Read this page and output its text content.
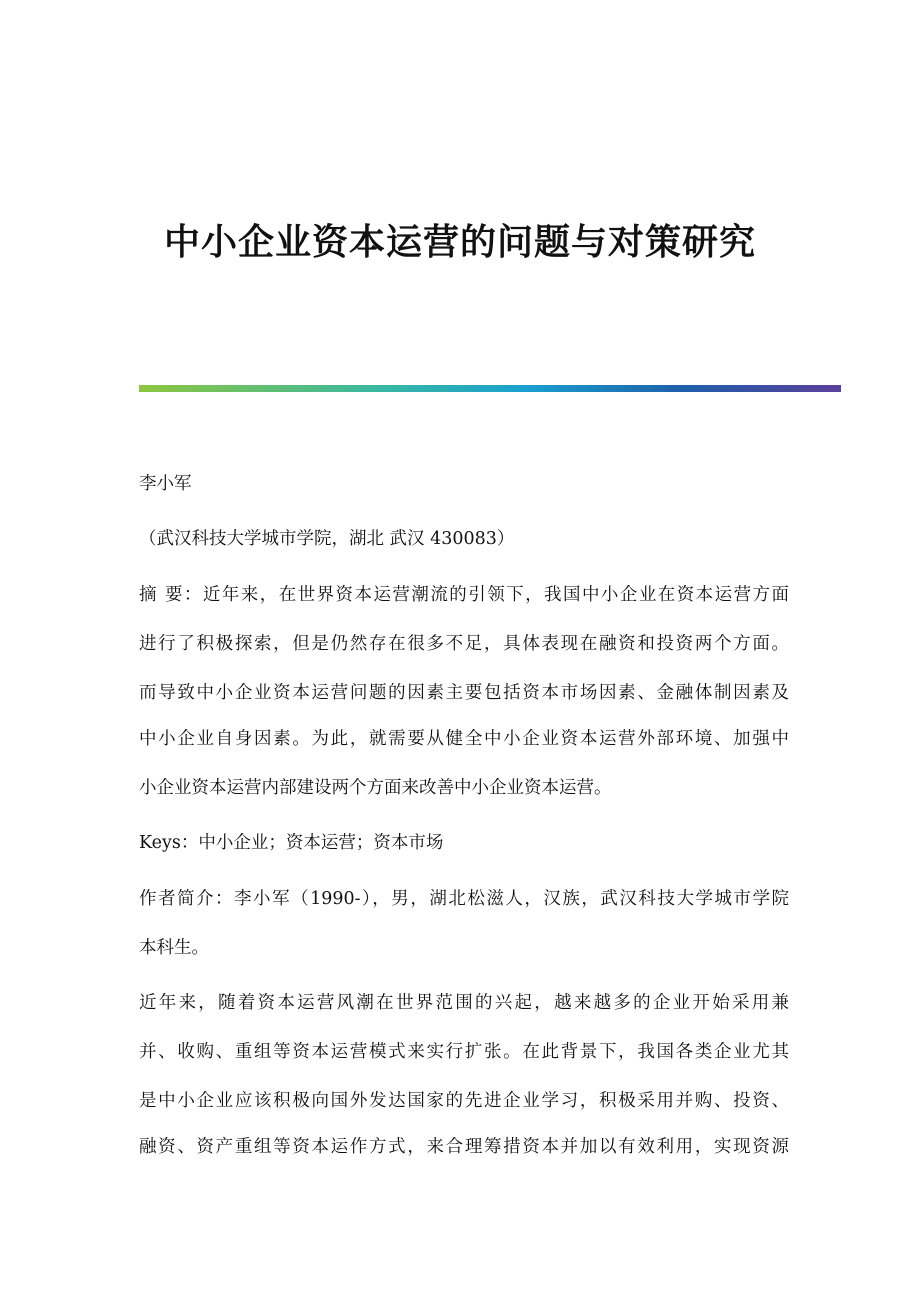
中小企业资本运营的问题与对策研究

李小军

（武汉科技大学城市学院，湖北 武汉 430083）

摘 要：近年来，在世界资本运营潮流的引领下，我国中小企业在资本运营方面

进行了积极探索，但是仍然存在很多不足，具体表现在融资和投资两个方面。

而导致中小企业资本运营问题的因素主要包括资本市场因素、金融体制因素及

中小企业自身因素。为此，就需要从健全中小企业资本运营外部环境、加强中

小企业资本运营内部建设两个方面来改善中小企业资本运营。

Keys：中小企业；资本运营；资本市场

作者简介：李小军（1990-），男，湖北松滋人，汉族，武汉科技大学城市学院

本科生。

近年来，随着资本运营风潮在世界范围的兴起，越来越多的企业开始采用兼

并、收购、重组等资本运营模式来实行扩张。在此背景下，我国各类企业尤其

是中小企业应该积极向国外发达国家的先进企业学习，积极采用并购、投资、

融资、资产重组等资本运作方式，来合理筹措资本并加以有效利用，实现资源
